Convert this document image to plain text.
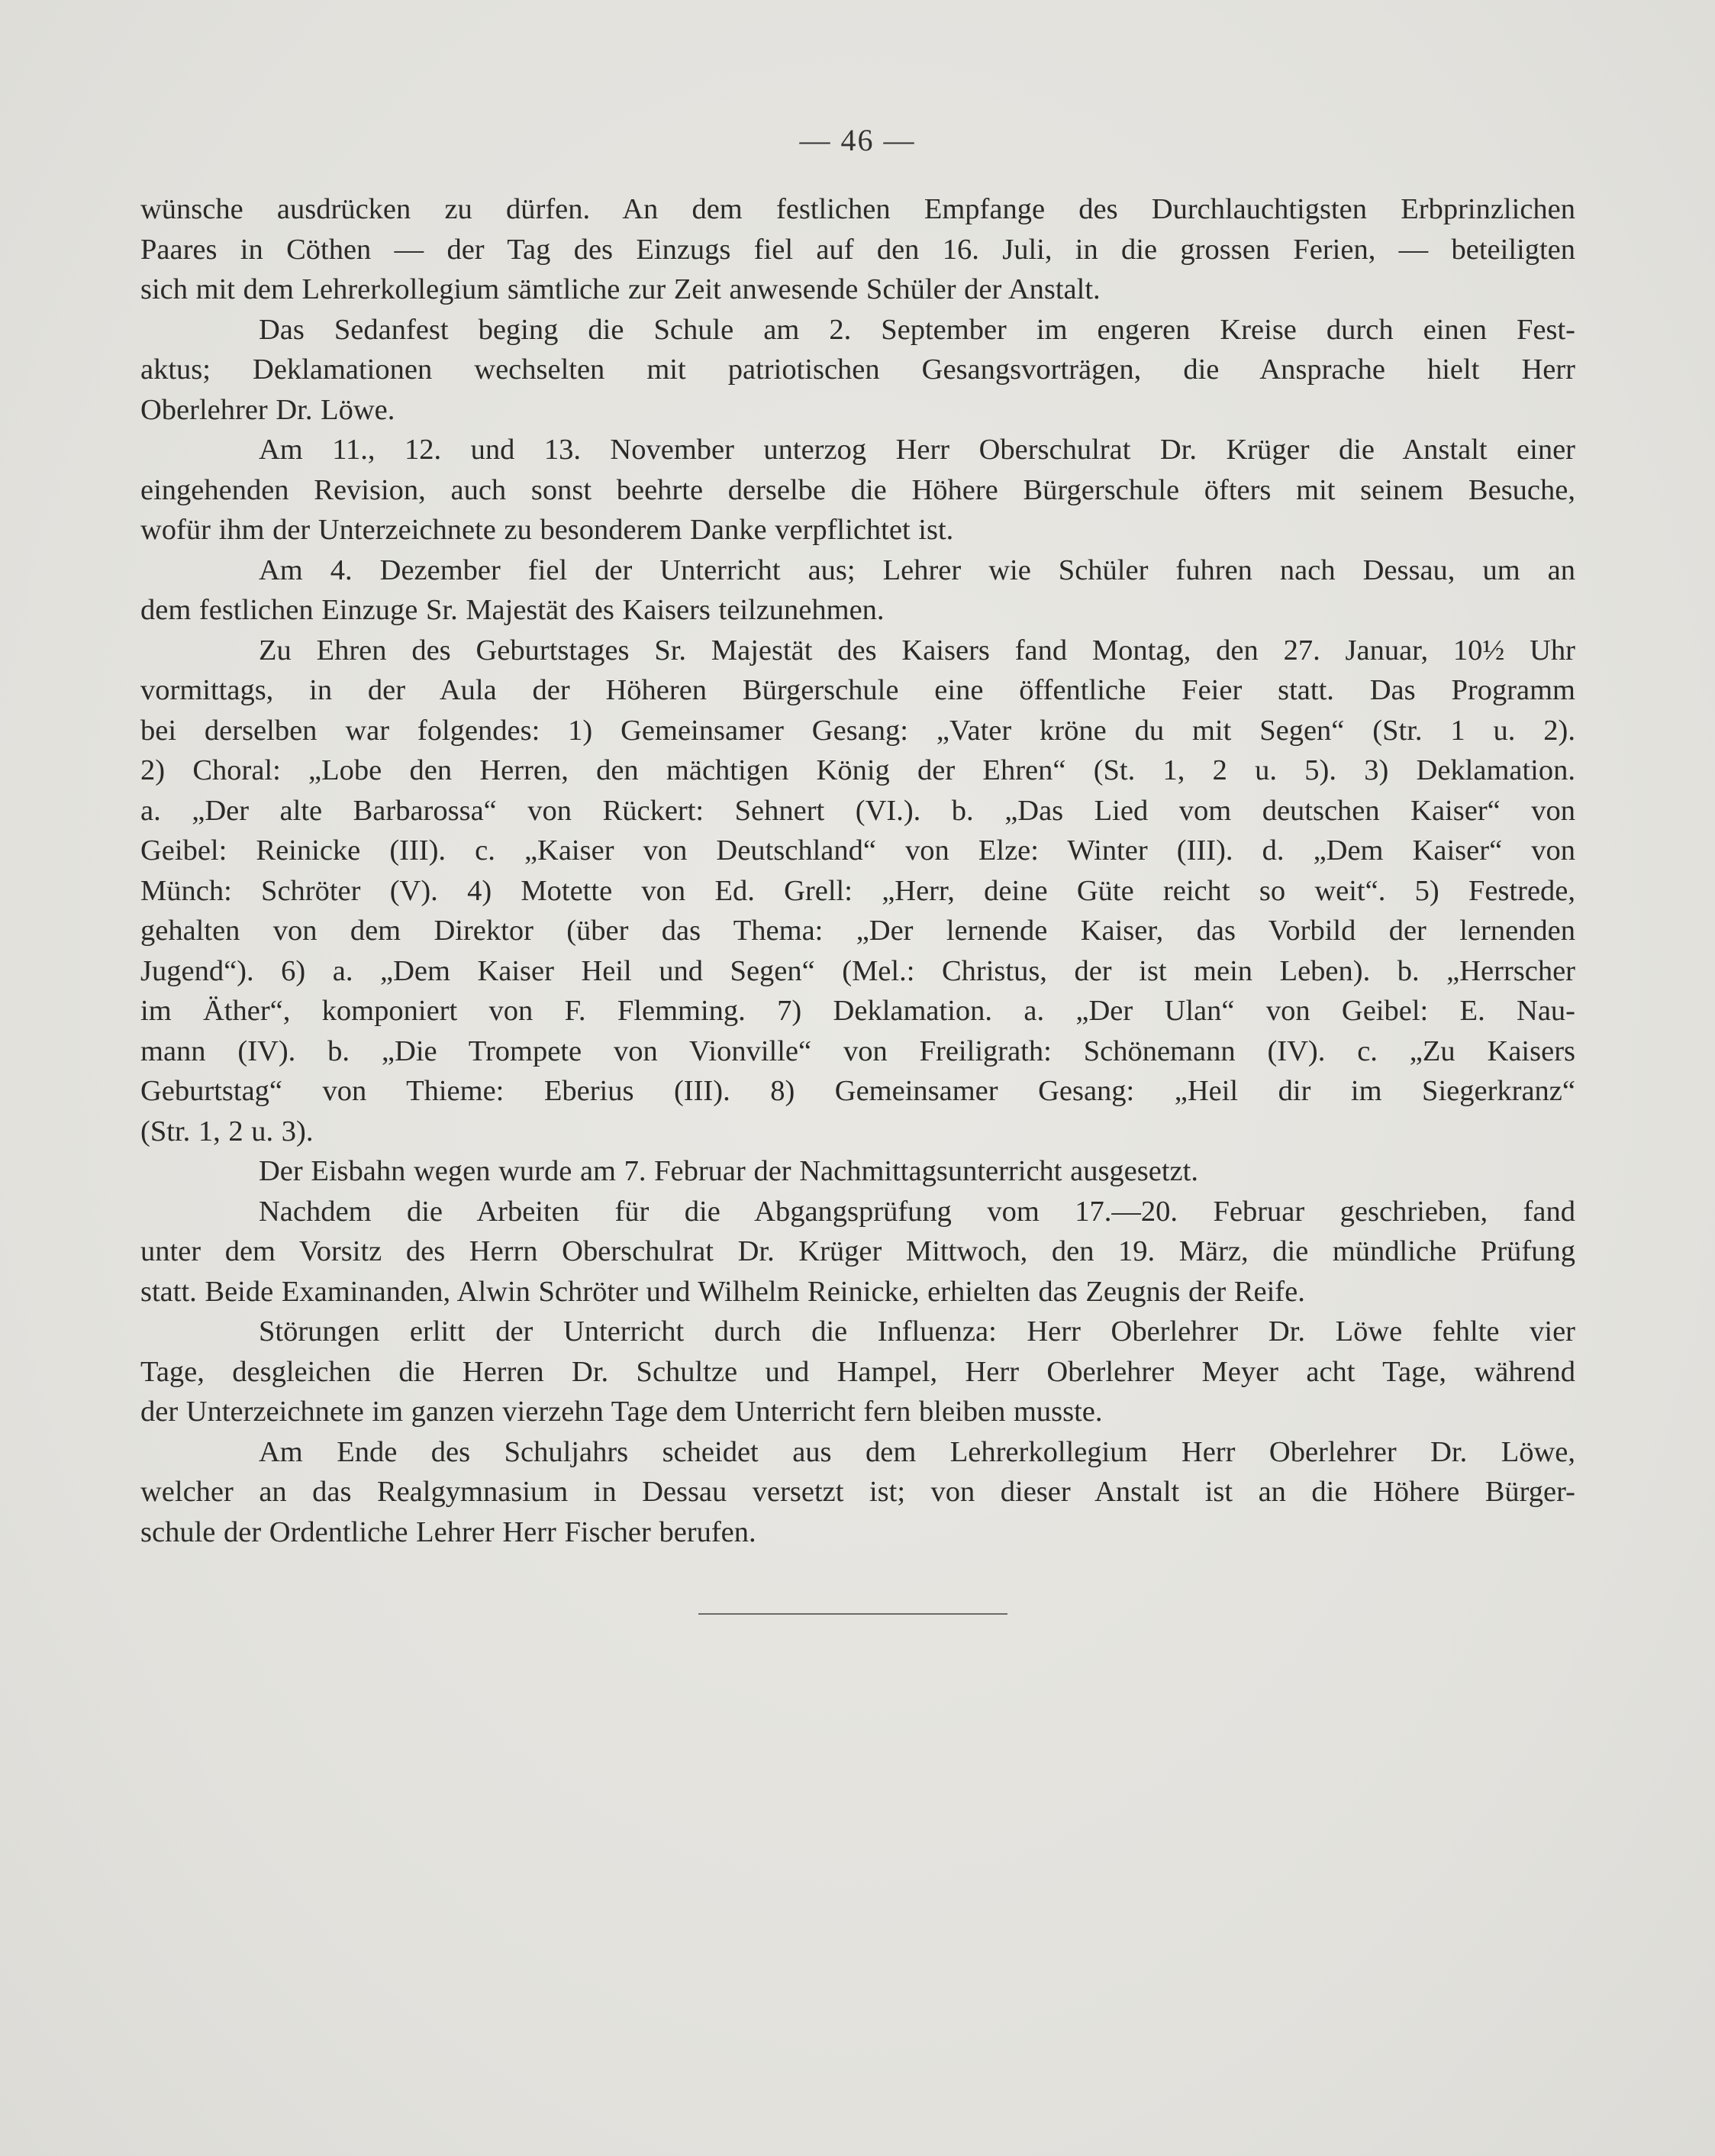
— 46 —
wünsche ausdrücken zu dürfen. An dem festlichen Empfange des Durchlauchtigsten Erbprinzlichen
Paares in Cöthen — der Tag des Einzugs fiel auf den 16. Juli, in die grossen Ferien, — beteiligten
sich mit dem Lehrerkollegium sämtliche zur Zeit anwesende Schüler der Anstalt.
Das Sedanfest beging die Schule am 2. September im engeren Kreise durch einen Fest-
aktus; Deklamationen wechselten mit patriotischen Gesangsvorträgen, die Ansprache hielt Herr
Oberlehrer Dr. Löwe.
Am 11., 12. und 13. November unterzog Herr Oberschulrat Dr. Krüger die Anstalt einer
eingehenden Revision, auch sonst beehrte derselbe die Höhere Bürgerschule öfters mit seinem Besuche,
wofür ihm der Unterzeichnete zu besonderem Danke verpflichtet ist.
Am 4. Dezember fiel der Unterricht aus; Lehrer wie Schüler fuhren nach Dessau, um an
dem festlichen Einzuge Sr. Majestät des Kaisers teilzunehmen.
Zu Ehren des Geburtstages Sr. Majestät des Kaisers fand Montag, den 27. Januar, 10½ Uhr
vormittags, in der Aula der Höheren Bürgerschule eine öffentliche Feier statt. Das Programm
bei derselben war folgendes: 1) Gemeinsamer Gesang: „Vater kröne du mit Segen“ (Str. 1 u. 2).
2) Choral: „Lobe den Herren, den mächtigen König der Ehren“ (St. 1, 2 u. 5). 3) Deklamation.
a. „Der alte Barbarossa“ von Rückert: Sehnert (VI.). b. „Das Lied vom deutschen Kaiser“ von
Geibel: Reinicke (III). c. „Kaiser von Deutschland“ von Elze: Winter (III). d. „Dem Kaiser“ von
Münch: Schröter (V). 4) Motette von Ed. Grell: „Herr, deine Güte reicht so weit“. 5) Festrede,
gehalten von dem Direktor (über das Thema: „Der lernende Kaiser, das Vorbild der lernenden
Jugend“). 6) a. „Dem Kaiser Heil und Segen“ (Mel.: Christus, der ist mein Leben). b. „Herrscher
im Äther“, komponiert von F. Flemming. 7) Deklamation. a. „Der Ulan“ von Geibel: E. Nau-
mann (IV). b. „Die Trompete von Vionville“ von Freiligrath: Schönemann (IV). c. „Zu Kaisers
Geburtstag“ von Thieme: Eberius (III). 8) Gemeinsamer Gesang: „Heil dir im Siegerkranz“
(Str. 1, 2 u. 3).
Der Eisbahn wegen wurde am 7. Februar der Nachmittagsunterricht ausgesetzt.
Nachdem die Arbeiten für die Abgangsprüfung vom 17.—20. Februar geschrieben, fand
unter dem Vorsitz des Herrn Oberschulrat Dr. Krüger Mittwoch, den 19. März, die mündliche Prüfung
statt. Beide Examinanden, Alwin Schröter und Wilhelm Reinicke, erhielten das Zeugnis der Reife.
Störungen erlitt der Unterricht durch die Influenza: Herr Oberlehrer Dr. Löwe fehlte vier
Tage, desgleichen die Herren Dr. Schultze und Hampel, Herr Oberlehrer Meyer acht Tage, während
der Unterzeichnete im ganzen vierzehn Tage dem Unterricht fern bleiben musste.
Am Ende des Schuljahrs scheidet aus dem Lehrerkollegium Herr Oberlehrer Dr. Löwe,
welcher an das Realgymnasium in Dessau versetzt ist; von dieser Anstalt ist an die Höhere Bürger-
schule der Ordentliche Lehrer Herr Fischer berufen.
